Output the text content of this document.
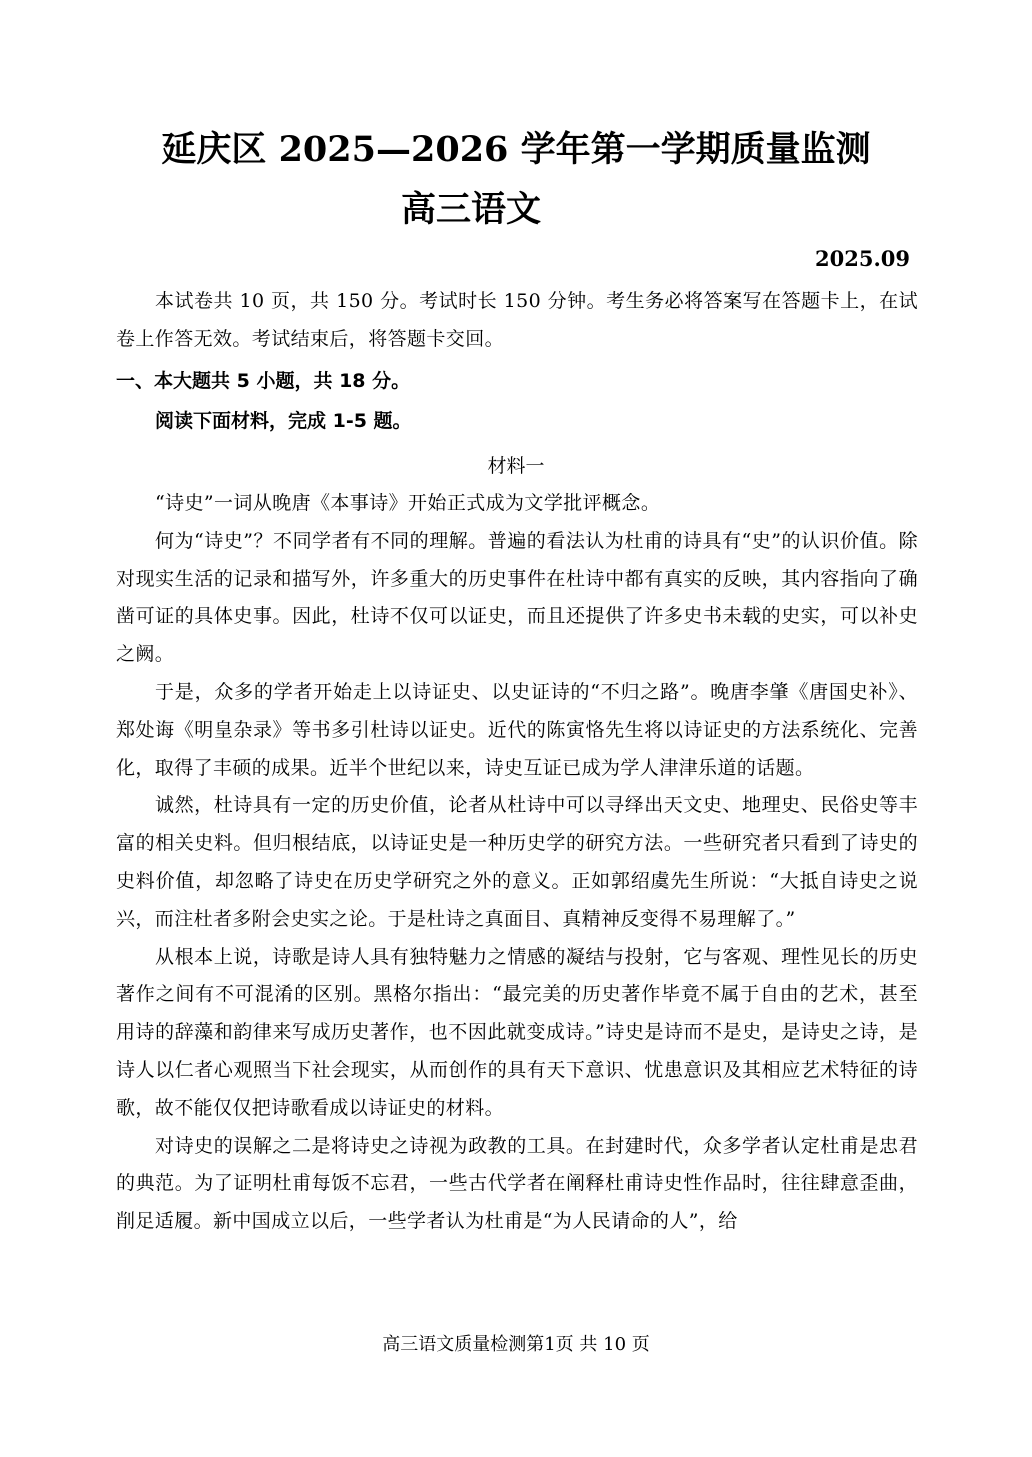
延庆区 2025—2026 学年第一学期质量监测
高三语文
2025.09

本试卷共 10 页，共 150 分。考试时长 150 分钟。考生务必将答案写在答题卡上，在试卷上作答无效。考试结束后，将答题卡交回。

一、本大题共 5 小题，共 18 分。
阅读下面材料，完成 1-5 题。
材料一

“诗史”一词从晚唐《本事诗》开始正式成为文学批评概念。

何为“诗史”？不同学者有不同的理解。普遍的看法认为杜甫的诗具有“史”的认识价值。除对现实生活的记录和描写外，许多重大的历史事件在杜诗中都有真实的反映，其内容指向了确凿可证的具体史事。因此，杜诗不仅可以证史，而且还提供了许多史书未载的史实，可以补史之阙。

于是，众多的学者开始走上以诗证史、以史证诗的“不归之路”。晚唐李肇《唐国史补》、郑处诲《明皇杂录》等书多引杜诗以证史。近代的陈寅恪先生将以诗证史的方法系统化、完善化，取得了丰硕的成果。近半个世纪以来，诗史互证已成为学人津津乐道的话题。

诚然，杜诗具有一定的历史价值，论者从杜诗中可以寻绎出天文史、地理史、民俗史等丰富的相关史料。但归根结底，以诗证史是一种历史学的研究方法。一些研究者只看到了诗史的史料价值，却忽略了诗史在历史学研究之外的意义。正如郭绍虞先生所说：“大抵自诗史之说兴，而注杜者多附会史实之论。于是杜诗之真面目、真精神反变得不易理解了。”

从根本上说，诗歌是诗人具有独特魅力之情感的凝结与投射，它与客观、理性见长的历史著作之间有不可混淆的区别。黑格尔指出：“最完美的历史著作毕竟不属于自由的艺术，甚至用诗的辞藻和韵律来写成历史著作，也不因此就变成诗。”诗史是诗而不是史，是诗史之诗，是诗人以仁者心观照当下社会现实，从而创作的具有天下意识、忧患意识及其相应艺术特征的诗歌，故不能仅仅把诗歌看成以诗证史的材料。

对诗史的误解之二是将诗史之诗视为政教的工具。在封建时代，众多学者认定杜甫是忠君的典范。为了证明杜甫每饭不忘君，一些古代学者在阐释杜甫诗史性作品时，往往肆意歪曲，削足适履。新中国成立以后，一些学者认为杜甫是“为人民请命的人”，给

高三语文质量检测第1页 共 10 页
